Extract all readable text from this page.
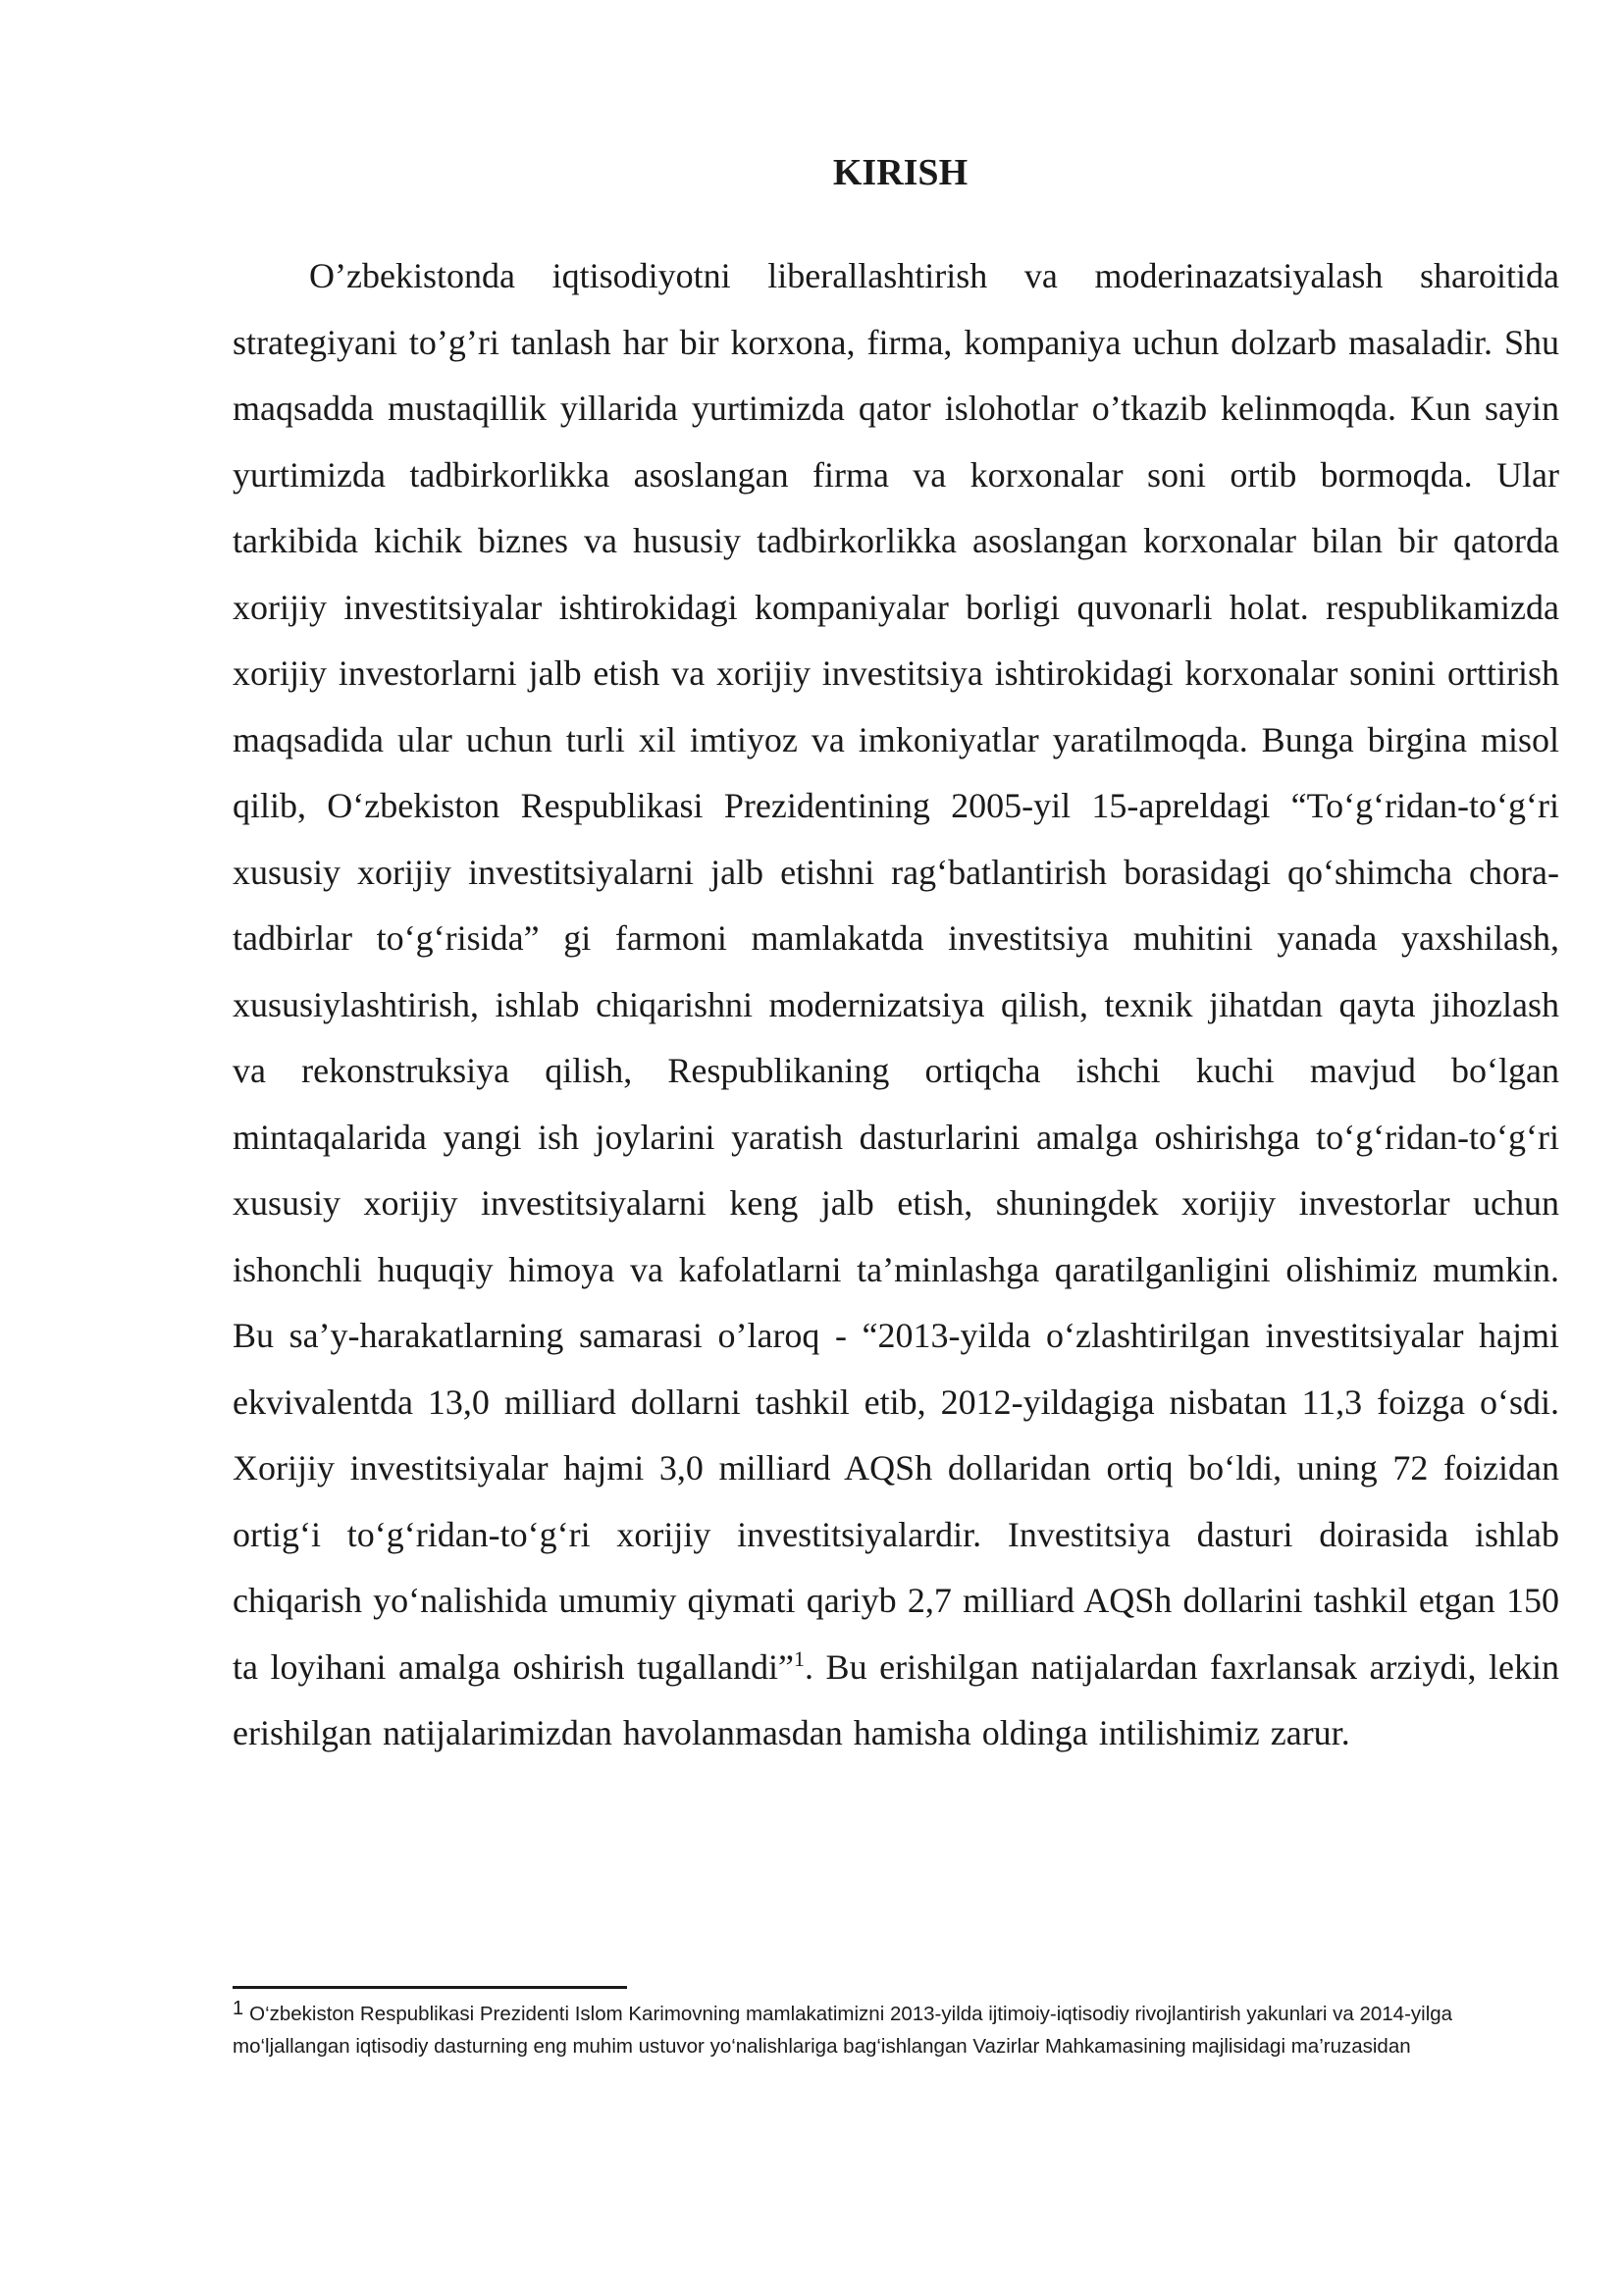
KIRISH

O’zbekistonda iqtisodiyotni liberallashtirish va moderinazatsiyalash sharoitida strategiyani to’g’ri tanlash har bir korxona, firma, kompaniya uchun dolzarb masaladir. Shu maqsadda mustaqillik yillarida yurtimizda qator islohotlar o’tkazib kelinmoqda. Kun sayin yurtimizda tadbirkorlikka asoslangan firma va korxonalar soni ortib bormoqda. Ular tarkibida kichik biznes va hususiy tadbirkorlikka asoslangan korxonalar bilan bir qatorda xorijiy investitsiyalar ishtirokidagi kompaniyalar borligi quvonarli holat. respublikamizda xorijiy investorlarni jalb etish va xorijiy investitsiya ishtirokidagi korxonalar sonini orttirish maqsadida ular uchun turli xil imtiyoz va imkoniyatlar yaratilmoqda. Bunga birgina misol qilib, O‘zbekiston Respublikasi Prezidentining 2005-yil 15-apreldagi “To‘g‘ridan-to‘g‘ri xususiy xorijiy investitsiyalarni jalb etishni rag‘batlantirish borasidagi qo‘shimcha chora-tadbirlar to‘g‘risida” gi farmoni mamlakatda investitsiya muhitini yanada yaxshilash, xususiylashtirish, ishlab chiqarishni modernizatsiya qilish, texnik jihatdan qayta jihozlash va rekonstruksiya qilish, Respublikaning ortiqcha ishchi kuchi mavjud bo‘lgan mintaqalarida yangi ish joylarini yaratish dasturlarini amalga oshirishga to‘g‘ridan-to‘g‘ri xususiy xorijiy investitsiyalarni keng jalb etish, shuningdek xorijiy investorlar uchun ishonchli huquqiy himoya va kafolatlarni ta’minlashga qaratilganligini olishimiz mumkin. Bu sa’y-harakatlarning samarasi o’laroq - “2013-yilda o‘zlashtirilgan investitsiyalar hajmi ekvivalentda 13,0 milliard dollarni tashkil etib, 2012-yildagiga nisbatan 11,3 foizga o‘sdi. Xorijiy investitsiyalar hajmi 3,0 milliard AQSh dollaridan ortiq bo‘ldi, uning 72 foizidan ortig‘i to‘g‘ridan-to‘g‘ri xorijiy investitsiyalardir. Investitsiya dasturi doirasida ishlab chiqarish yo‘nalishida umumiy qiymati qariyb 2,7 milliard AQSh dollarini tashkil etgan 150 ta loyihani amalga oshirish tugallandi”$^1$. Bu erishilgan natijalardan faxrlansak arziydi, lekin erishilgan natijalarimizdan havolanmasdan hamisha oldinga intilishimiz zarur.

$^1$ O‘zbekiston Respublikasi Prezidenti Islom Karimovning mamlakatimizni 2013-yilda ijtimoiy-iqtisodiy rivojlantirish yakunlari va 2014-yilga mo‘ljallangan iqtisodiy dasturning eng muhim ustuvor yo‘nalishlariga bag‘ishlangan Vazirlar Mahkamasining majlisidagi ma’ruzasidan
